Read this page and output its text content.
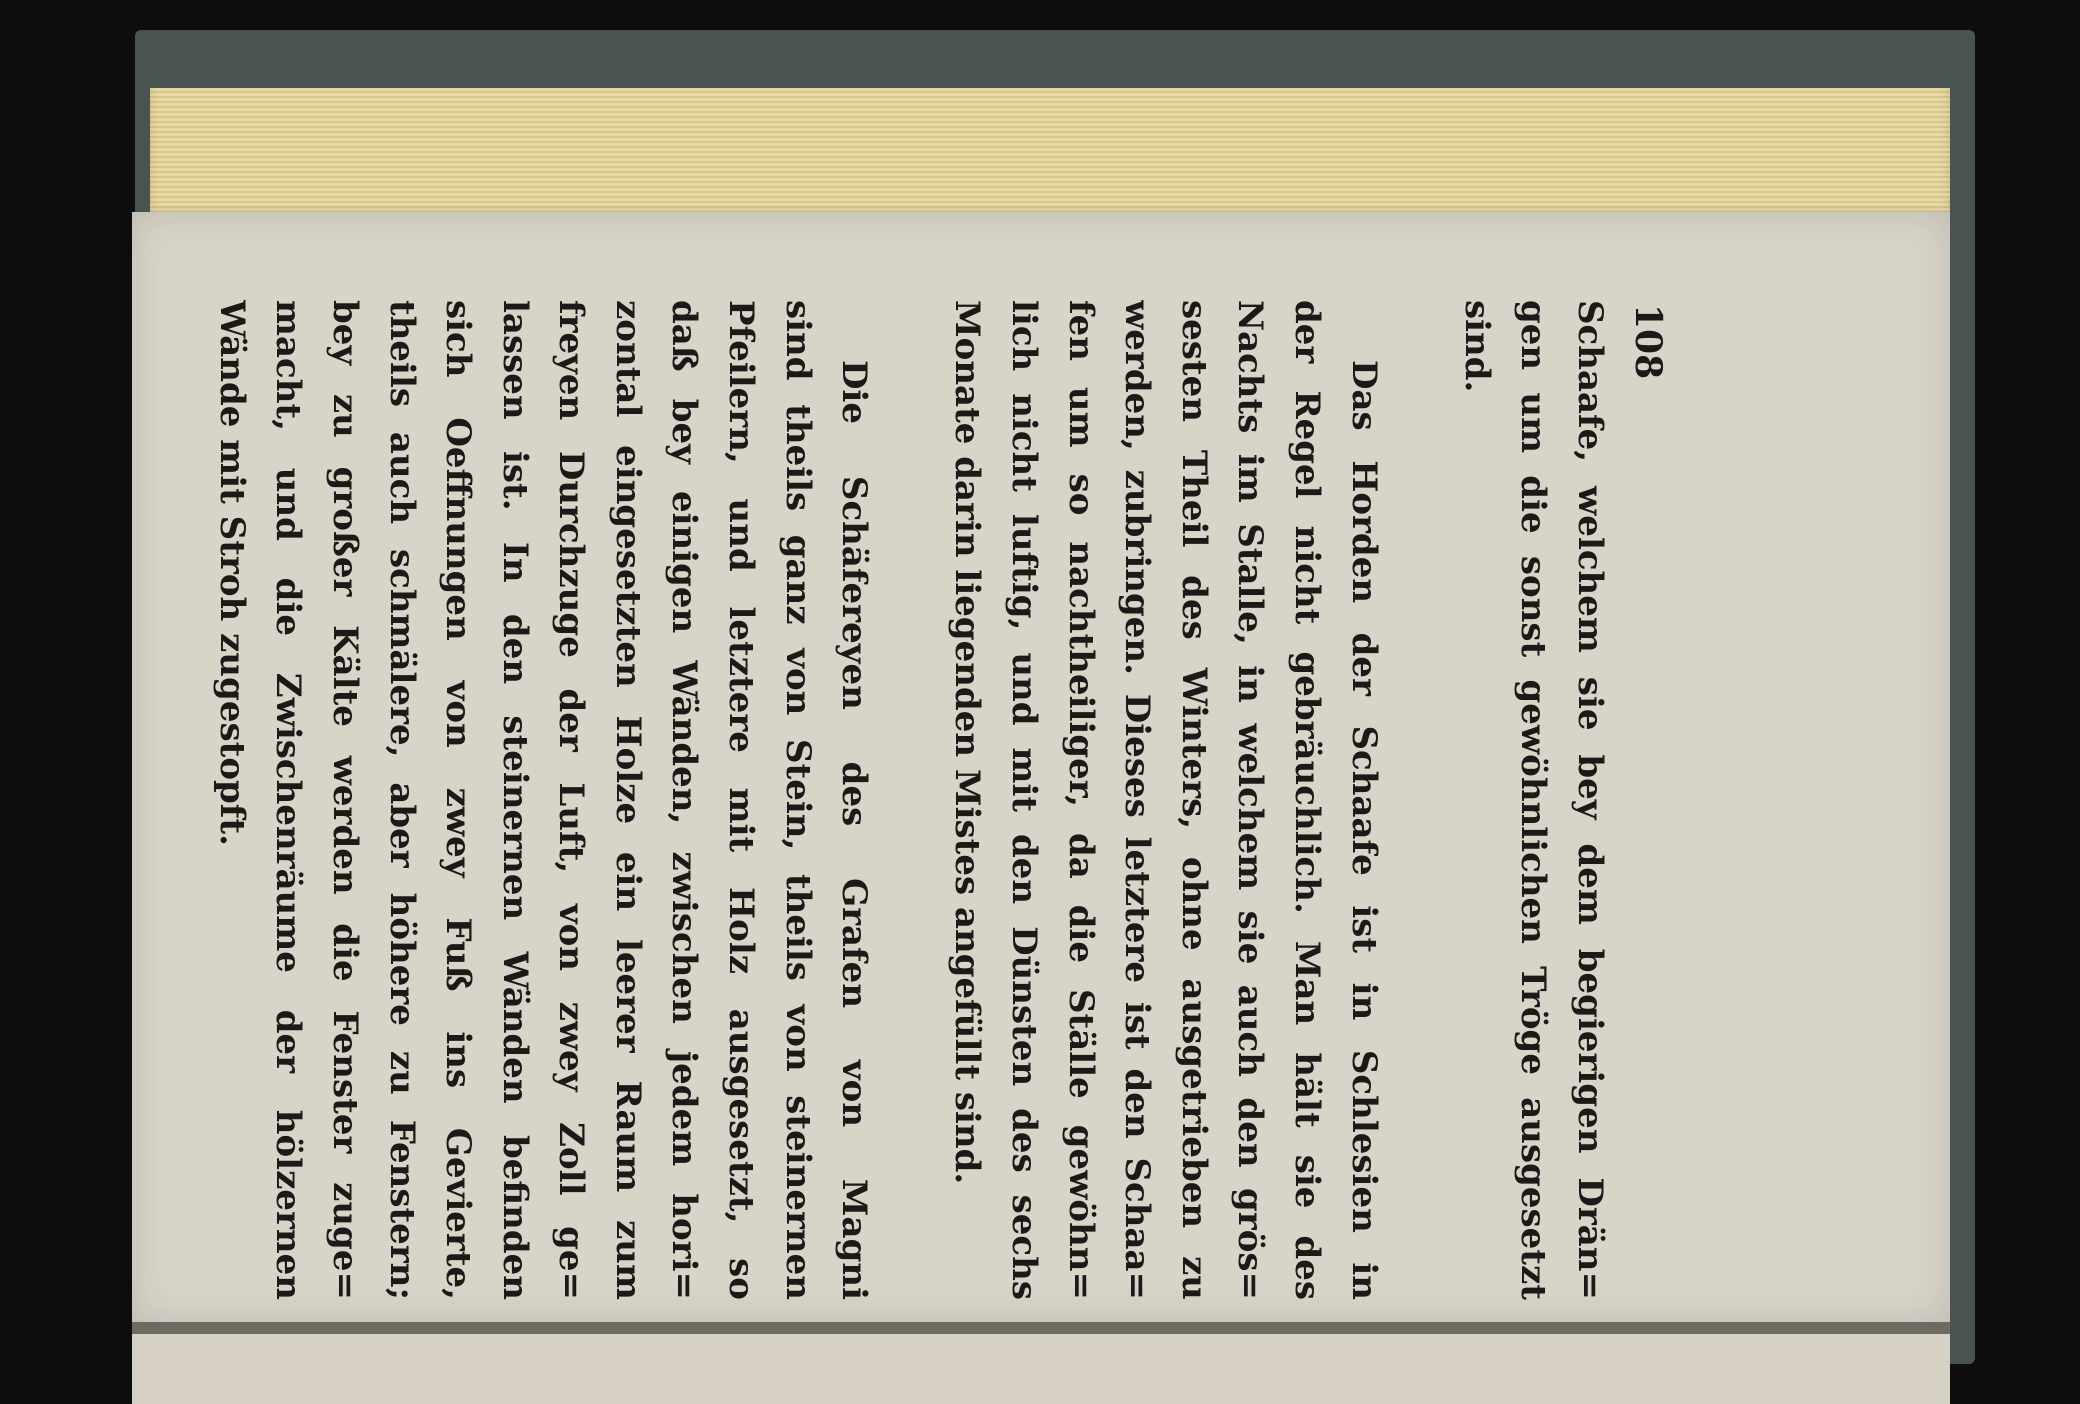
108
Schaafe, welchem sie bey dem begierigen Drän=
gen um die sonst gewöhnlichen Tröge ausgesetzt
sind.
Das Horden der Schaafe ist in Schlesien in
der Regel nicht gebräuchlich. Man hält sie des
Nachts im Stalle, in welchem sie auch den grös=
sesten Theil des Winters, ohne ausgetrieben zu
werden, zubringen. Dieses letztere ist den Schaa=
fen um so nachtheiliger, da die Ställe gewöhn=
lich nicht luftig, und mit den Dünsten des sechs
Monate darin liegenden Mistes angefüllt sind.
Die Schäfereyen des Grafen von Magni
sind theils ganz von Stein, theils von steinernen
Pfeilern, und letztere mit Holz ausgesetzt, so
daß bey einigen Wänden, zwischen jedem hori=
zontal eingesetzten Holze ein leerer Raum zum
freyen Durchzuge der Luft, von zwey Zoll ge=
lassen ist. In den steinernen Wänden befinden
sich Oeffnungen von zwey Fuß ins Gevierte,
theils auch schmälere, aber höhere zu Fenstern;
bey zu großer Kälte werden die Fenster zuge=
macht, und die Zwischenräume der hölzernen
Wände mit Stroh zugestopft.
